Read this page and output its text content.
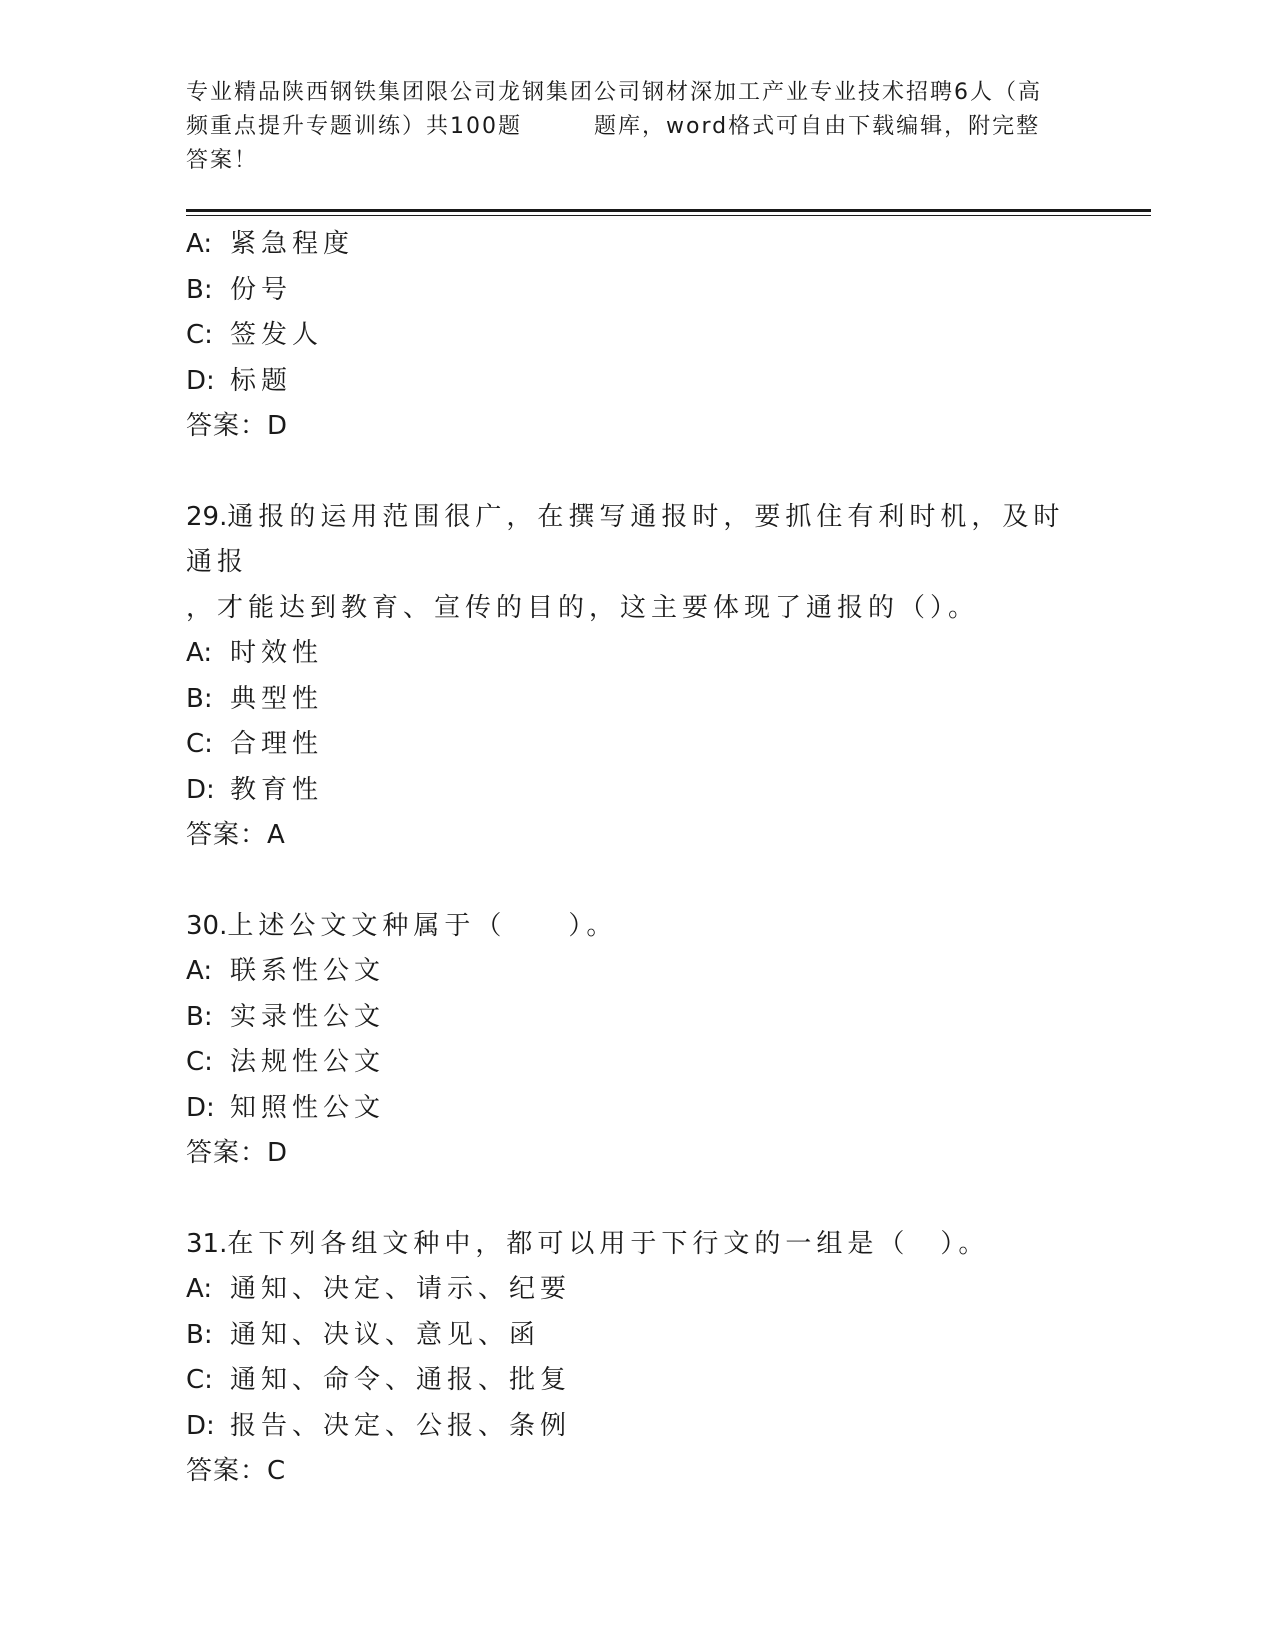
专业精品陕西钢铁集团限公司龙钢集团公司钢材深加工产业专业技术招聘6人（高
频重点提升专题训练）共100题	题库，word格式可自由下载编辑，附完整
答案！
A: 紧急程度
B: 份号
C: 签发人
D: 标题
答案：D
29.通报的运用范围很广，在撰写通报时，要抓住有利时机，及时通报
，才能达到教育、宣传的目的，这主要体现了通报的（）。
A: 时效性
B: 典型性
C: 合理性
D: 教育性
答案：A
30.上述公文文种属于（　　）。
A: 联系性公文
B: 实录性公文
C: 法规性公文
D: 知照性公文
答案：D
31.在下列各组文种中，都可以用于下行文的一组是（　）。
A: 通知、决定、请示、纪要
B: 通知、决议、意见、函
C: 通知、命令、通报、批复
D: 报告、决定、公报、条例
答案：C
